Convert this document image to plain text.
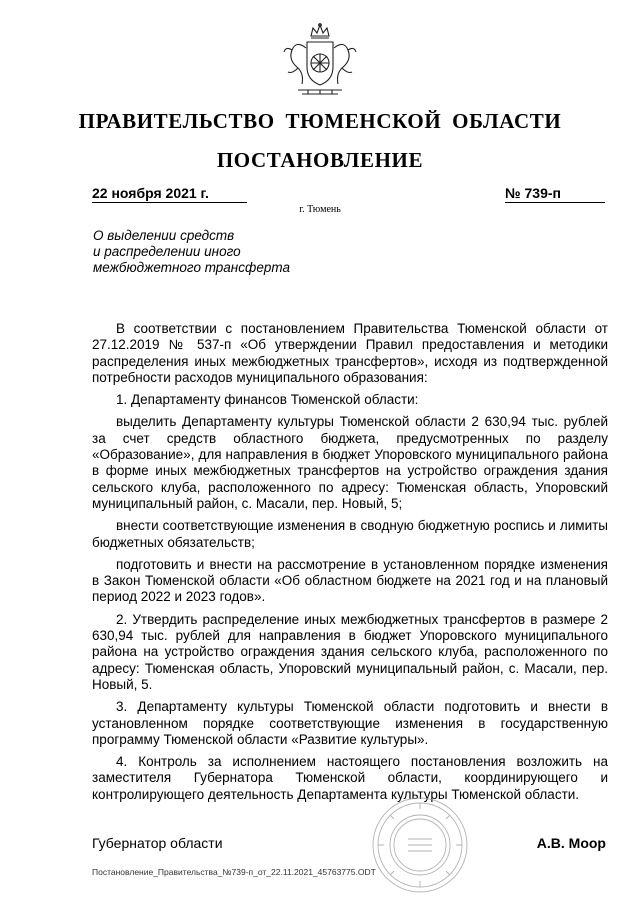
ПРАВИТЕЛЬСТВО ТЮМЕНСКОЙ ОБЛАСТИ
ПОСТАНОВЛЕНИЕ
22 ноября 2021 г.	№ 739-п
г. Тюмень
О выделении средств
и распределении иного
межбюджетного трансферта

В соответствии с постановлением Правительства Тюменской области от 27.12.2019 № 537-п «Об утверждении Правил предоставления и методики распределения иных межбюджетных трансфертов», исходя из подтвержденной потребности расходов муниципального образования:

1. Департаменту финансов Тюменской области:

выделить Департаменту культуры Тюменской области 2 630,94 тыс. рублей за счет средств областного бюджета, предусмотренных по разделу «Образование», для направления в бюджет Упоровского муниципального района в форме иных межбюджетных трансфертов на устройство ограждения здания сельского клуба, расположенного по адресу: Тюменская область, Упоровский муниципальный район, с. Масали, пер. Новый, 5;

внести соответствующие изменения в сводную бюджетную роспись и лимиты бюджетных обязательств;

подготовить и внести на рассмотрение в установленном порядке изменения в Закон Тюменской области «Об областном бюджете на 2021 год и на плановый период 2022 и 2023 годов».

2. Утвердить распределение иных межбюджетных трансфертов в размере 2 630,94 тыс. рублей для направления в бюджет Упоровского муниципального района на устройство ограждения здания сельского клуба, расположенного по адресу: Тюменская область, Упоровский муниципальный район, с. Масали, пер. Новый, 5.

3. Департаменту культуры Тюменской области подготовить и внести в установленном порядке соответствующие изменения в государственную программу Тюменской области «Развитие культуры».

4. Контроль за исполнением настоящего постановления возложить на заместителя Губернатора Тюменской области, координирующего и контролирующего деятельность Департамента культуры Тюменской области.

Губернатор области	А.В. Моор
Постановление_Правительства_№739-п_от_22.11.2021_45763775.ODT
